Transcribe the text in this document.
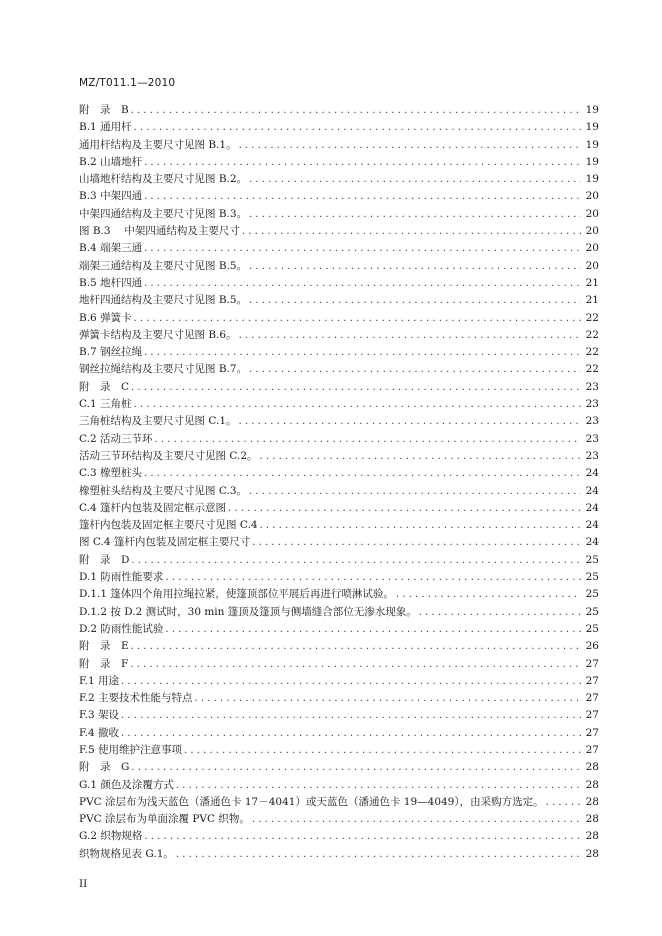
MZ/T011.1—2010
附　录　B . . .	19
B.1 通用杆 . . .	19
通用杆结构及主要尺寸见图 B.1。 . . .	19
B.2 山墙地杆 . . .	19
山墙地杆结构及主要尺寸见图 B.2。 . . .	19
B.3 中架四通 . . .	20
中架四通结构及主要尺寸见图 B.3。 . . .	20
图 B.3　 中架四通结构及主要尺寸 . . .	20
B.4 端架三通 . . .	20
端架三通结构及主要尺寸见图 B.5。 . . .	20
B.5 地杆四通 . . .	21
地杆四通结构及主要尺寸见图 B.5。 . . .	21
B.6 弹簧卡 . . .	22
弹簧卡结构及主要尺寸见图 B.6。 . . .	22
B.7 钢丝拉绳 . . .	22
钢丝拉绳结构及主要尺寸见图 B.7。 . . .	22
附　录　C . . .	23
C.1 三角桩 . . .	23
三角桩结构及主要尺寸见图 C.1。 . . .	23
C.2 活动三节环 . . .	23
活动三节环结构及主要尺寸见图 C.2。 . . .	23
C.3 橡塑桩头 . . .	24
橡塑桩头结构及主要尺寸见图 C.3。 . . .	24
C.4 篷杆内包装及固定框示意图 . . .	24
篷杆内包装及固定框主要尺寸见图 C.4 . . .	24
图 C.4 篷杆内包装及固定框主要尺寸 . . .	24
附　录　D . . .	25
D.1 防雨性能要求 . . .	25
D.1.1 篷体四个角用拉绳拉紧，使篷顶部位平展后再进行喷淋试验。 . . .	25
D.1.2 按 D.2 测试时，30 min 篷顶及篷顶与侧墙缝合部位无渗水现象。 . . .	25
D.2 防雨性能试验 . . .	25
附　录　E . . .	26
附　录　F . . .	27
F.1 用途 . . .	27
F.2 主要技术性能与特点 . . .	27
F.3 架设 . . .	27
F.4 撤收 . . .	27
F.5 使用维护注意事项 . . .	27
附　录　G . . .	28
G.1 颜色及涂覆方式 . . .	28
PVC 涂层布为浅天蓝色（潘通色卡 17－4041）或天蓝色（潘通色卡 19—4049），由采购方选定。 . . .	28
PVC 涂层布为单面涂覆 PVC 织物。 . . .	28
G.2 织物规格 . . .	28
织物规格见表 G.1。 . . .	28
II
